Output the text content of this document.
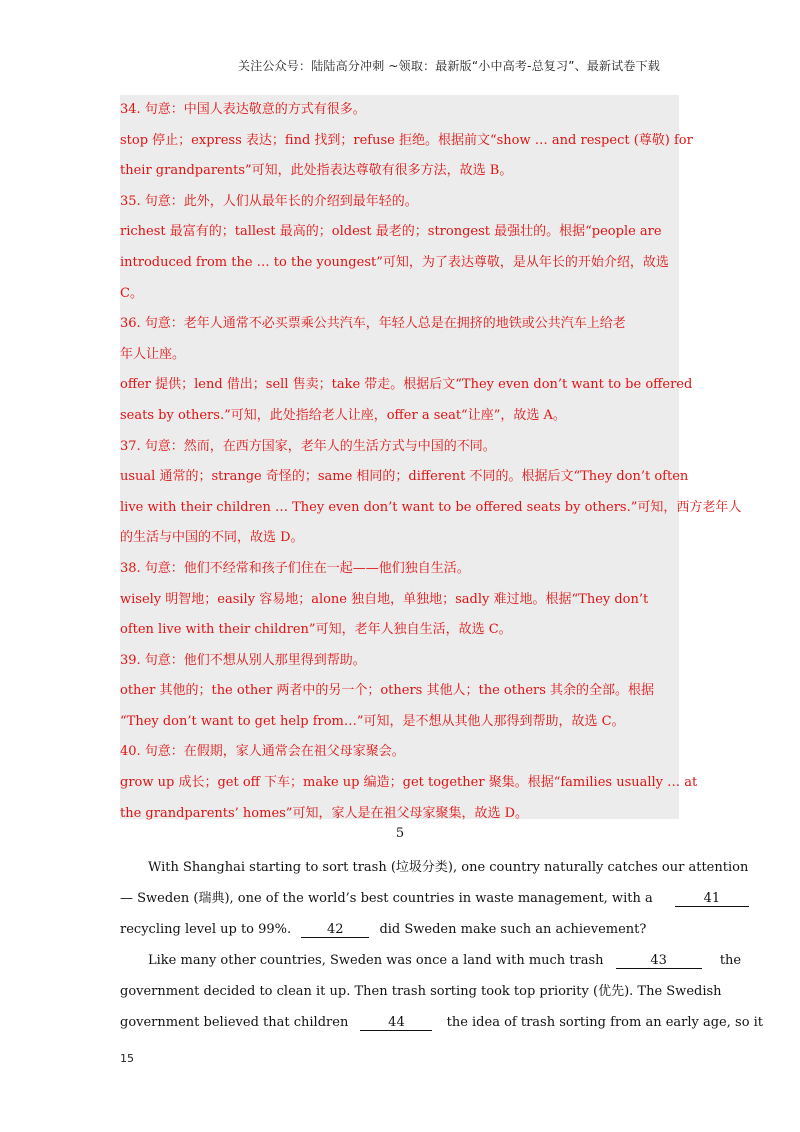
关注公众号：陆陆高分冲刺 ~领取：最新版“小中高考-总复习”、最新试卷下载
34. 句意：中国人表达敬意的方式有很多。
stop 停止；express 表达；find 找到；refuse 拒绝。根据前文“show … and respect (尊敬) for
their grandparents”可知，此处指表达尊敬有很多方法，故选 B。
35. 句意：此外，人们从最年长的介绍到最年轻的。
richest 最富有的；tallest 最高的；oldest 最老的；strongest 最强壮的。根据“people are
introduced from the … to the youngest”可知，为了表达尊敬，是从年长的开始介绍，故选
C。
36. 句意：老年人通常不必买票乘公共汽车，年轻人总是在拥挤的地铁或公共汽车上给老
年人让座。
offer 提供；lend 借出；sell 售卖；take 带走。根据后文“They even don’t want to be offered
seats by others.”可知，此处指给老人让座，offer a seat“让座”，故选 A。
37. 句意：然而，在西方国家，老年人的生活方式与中国的不同。
usual 通常的；strange 奇怪的；same 相同的；different 不同的。根据后文“They don’t often
live with their children … They even don’t want to be offered seats by others.”可知，西方老年人
的生活与中国的不同，故选 D。
38. 句意：他们不经常和孩子们住在一起——他们独自生活。
wisely 明智地；easily 容易地；alone 独自地，单独地；sadly 难过地。根据“They don’t
often live with their children”可知，老年人独自生活，故选 C。
39. 句意：他们不想从别人那里得到帮助。
other 其他的；the other 两者中的另一个；others 其他人；the others 其余的全部。根据
“They don’t want to get help from…”可知，是不想从其他人那得到帮助，故选 C。
40. 句意：在假期，家人通常会在祖父母家聚会。
grow up 成长；get off 下车；make up 编造；get together 聚集。根据“families usually … at
the grandparents’ homes”可知，家人是在祖父母家聚集，故选 D。
5
With Shanghai starting to sort trash (垃圾分类), one country naturally catches our attention
— Sweden (瑞典), one of the world’s best countries in waste management, with a	41
recycling level up to 99%.	42	did Sweden make such an achievement?
Like many other countries, Sweden was once a land with much trash	43	the
government decided to clean it up. Then trash sorting took top priority (优先). The Swedish
government believed that children	44	the idea of trash sorting from an early age, so it
15
